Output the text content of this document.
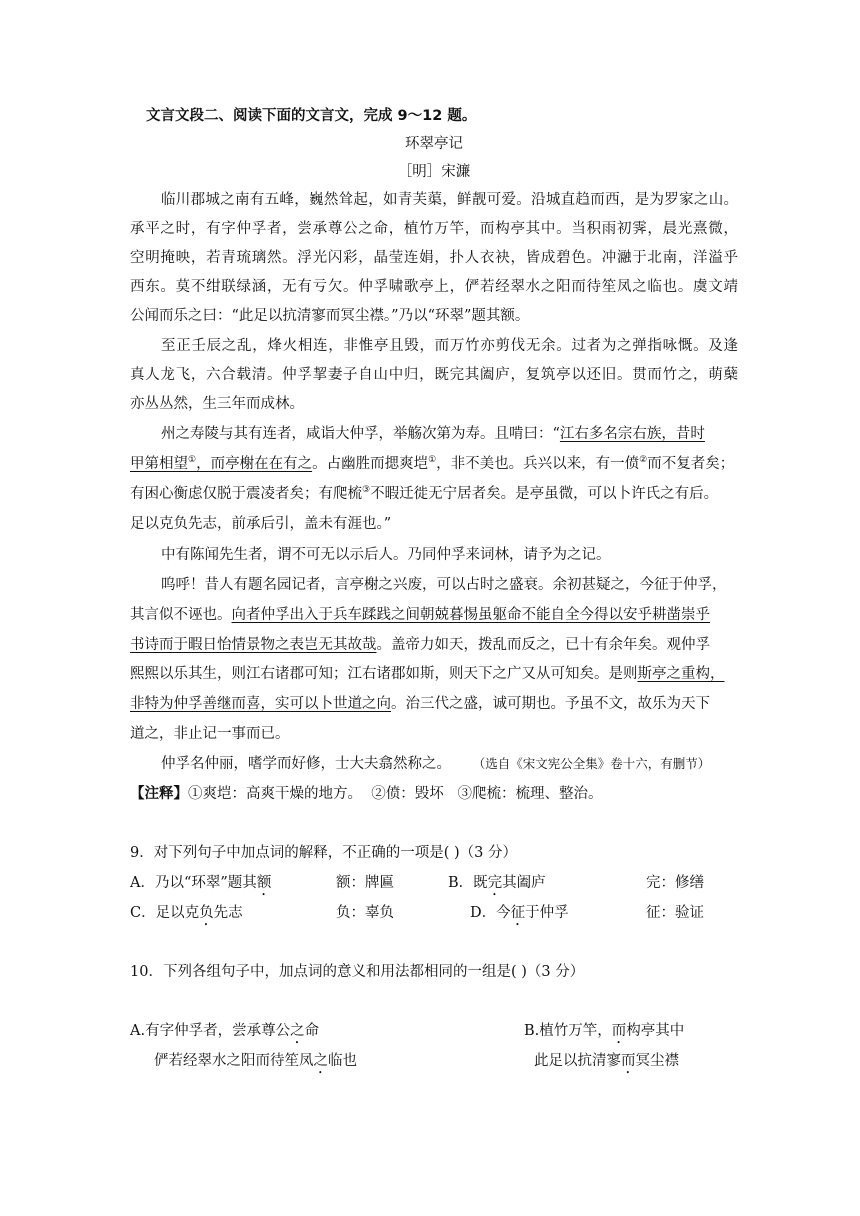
文言文段二、阅读下面的文言文，完成 9～12 题。
环翠亭记
［明］宋濂
临川郡城之南有五峰，巍然耸起，如青芙蕖，鲜靓可爱。沿城直趋而西，是为罗家之山。
承平之时，有字仲孚者，尝承尊公之命，植竹万竿，而构亭其中。当积雨初霁，晨光熹微，
空明掩映，若青琉璃然。浮光闪彩，晶莹连娟，扑人衣袂，皆成碧色。冲瀜于北南，洋溢乎
西东。莫不绀联绿涵，无有亏欠。仲孚啸歌亭上，俨若经翠水之阳而待笙凤之临也。虞文靖
公闻而乐之曰：“此足以抗清寥而冥尘襟。”乃以“环翠”题其额。
至正壬辰之乱，烽火相连，非惟亭且毁，而万竹亦剪伐无余。过者为之弹指咏慨。及逢
真人龙飞，六合载清。仲孚挈妻子自山中归，既完其阖庐，复筑亭以还旧。贯而竹之，萌蘖
亦丛丛然，生三年而成林。
州之寿陵与其有连者，咸诣大仲孚，举觞次第为寿。且啃曰：“江右多名宗右族，昔时
甲第相望①，而亭榭在在有之。占幽胜而揌爽垲①，非不美也。兵兴以来，有一偾②而不复者矣；
有困心衡虑仅脱于震凌者矣；有爬梳③不暇迁徙无宁居者矣。是亭虽微，可以卜许氏之有后。
足以克负先志，前承后引，盖未有涯也。”
中有陈闻先生者，谓不可无以示后人。乃同仲孚来词林，请予为之记。
呜呼！昔人有题名园记者，言亭榭之兴废，可以占时之盛衰。余初甚疑之，今征于仲孚，
其言似不诬也。向者仲孚出入于兵车蹂践之间朝兢暮惕虽躯命不能自全今得以安乎耕凿崇乎
书诗而于暇日怡情景物之表岂无其故哉。盖帝力如天，拨乱而反之，已十有余年矣。观仲孚
熙熙以乐其生，则江右诸郡可知；江右诸郡如斯，则天下之广又从可知矣。是则斯亭之重构，
非特为仲孚善继而喜，实可以卜世道之向。治三代之盛，诚可期也。予虽不文，故乐为天下
道之，非止记一事而已。
仲孚名仲丽，嗜学而好修，士大夫翕然称之。 （选自《宋文宪公全集》卷十六，有删节）
【注释】①爽垲：高爽干燥的地方。 ②偾：毁坏 ③爬梳：梳理、整治。
9．对下列句子中加点词的解释，不正确的一项是( )（3 分）
A．乃以“环翠”题其额	额：牌匾	B．既完其阖庐	完：修缮
C．足以克负先志	负：辜负	D．今征于仲孚	征：验证
10．下列各组句子中，加点词的意义和用法都相同的一组是( )（3 分）
A.有字仲孚者，尝承尊公之命
俨若经翠水之阳而待笙凤之临也
B.植竹万竿，而构亭其中
此足以抗清寥而冥尘襟
